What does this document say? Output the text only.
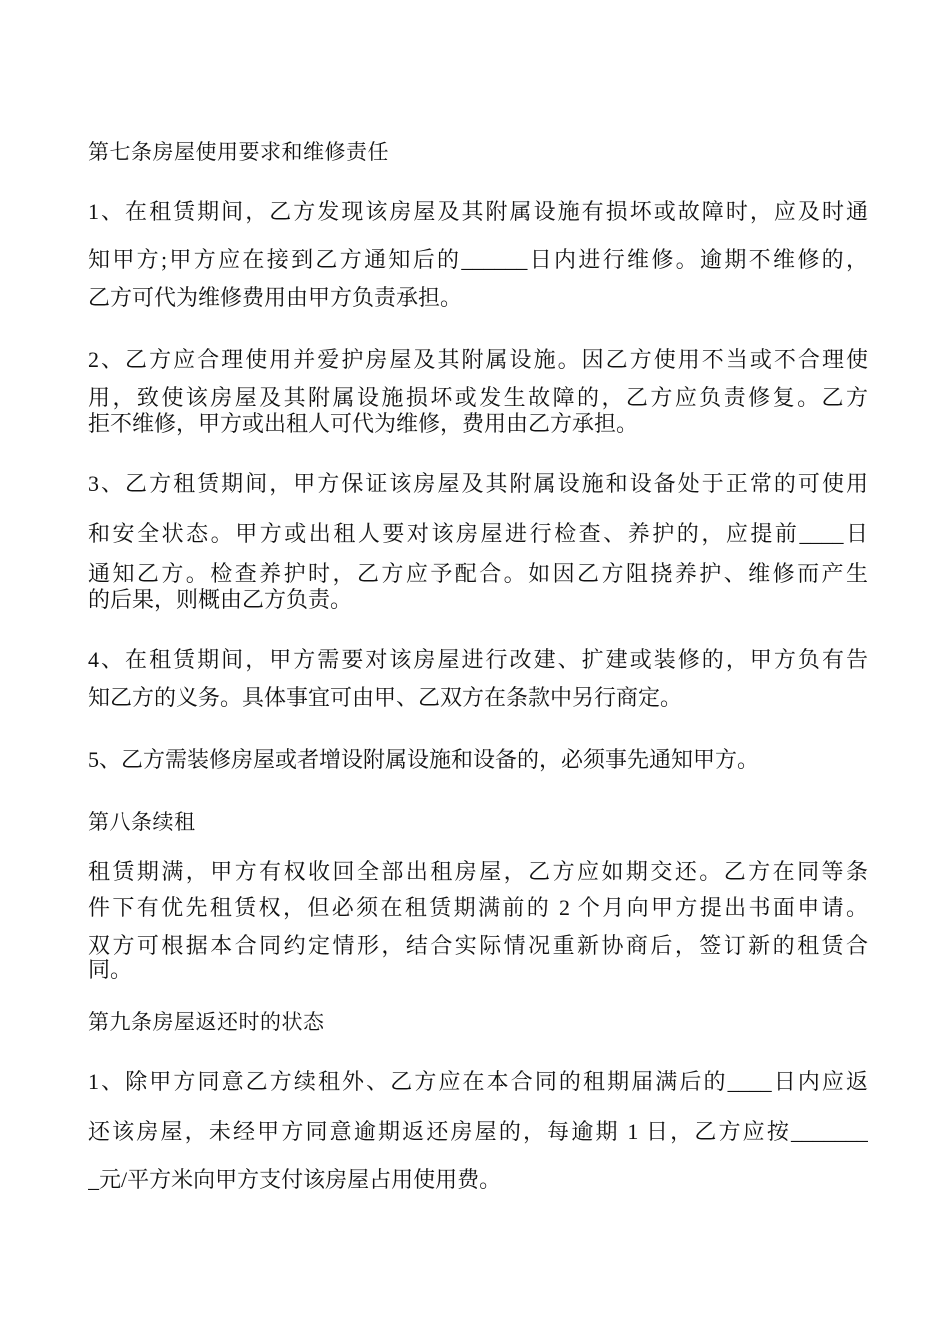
第七条房屋使用要求和维修责任
1、在租赁期间，乙方发现该房屋及其附属设施有损坏或故障时，应及时通
知甲方;甲方应在接到乙方通知后的______日内进行维修。逾期不维修的，
乙方可代为维修费用由甲方负责承担。
2、乙方应合理使用并爱护房屋及其附属设施。因乙方使用不当或不合理使
用，致使该房屋及其附属设施损坏或发生故障的，乙方应负责修复。乙方
拒不维修，甲方或出租人可代为维修，费用由乙方承担。
3、乙方租赁期间，甲方保证该房屋及其附属设施和设备处于正常的可使用
和安全状态。甲方或出租人要对该房屋进行检查、养护的，应提前____日
通知乙方。检查养护时，乙方应予配合。如因乙方阻挠养护、维修而产生
的后果，则概由乙方负责。
4、在租赁期间，甲方需要对该房屋进行改建、扩建或装修的，甲方负有告
知乙方的义务。具体事宜可由甲、乙双方在条款中另行商定。
5、乙方需装修房屋或者增设附属设施和设备的，必须事先通知甲方。
第八条续租
租赁期满，甲方有权收回全部出租房屋，乙方应如期交还。乙方在同等条
件下有优先租赁权，但必须在租赁期满前的 2 个月向甲方提出书面申请。
双方可根据本合同约定情形，结合实际情况重新协商后，签订新的租赁合
同。
第九条房屋返还时的状态
1、除甲方同意乙方续租外、乙方应在本合同的租期届满后的____日内应返
还该房屋，未经甲方同意逾期返还房屋的，每逾期 1 日，乙方应按_______
_元/平方米向甲方支付该房屋占用使用费。
